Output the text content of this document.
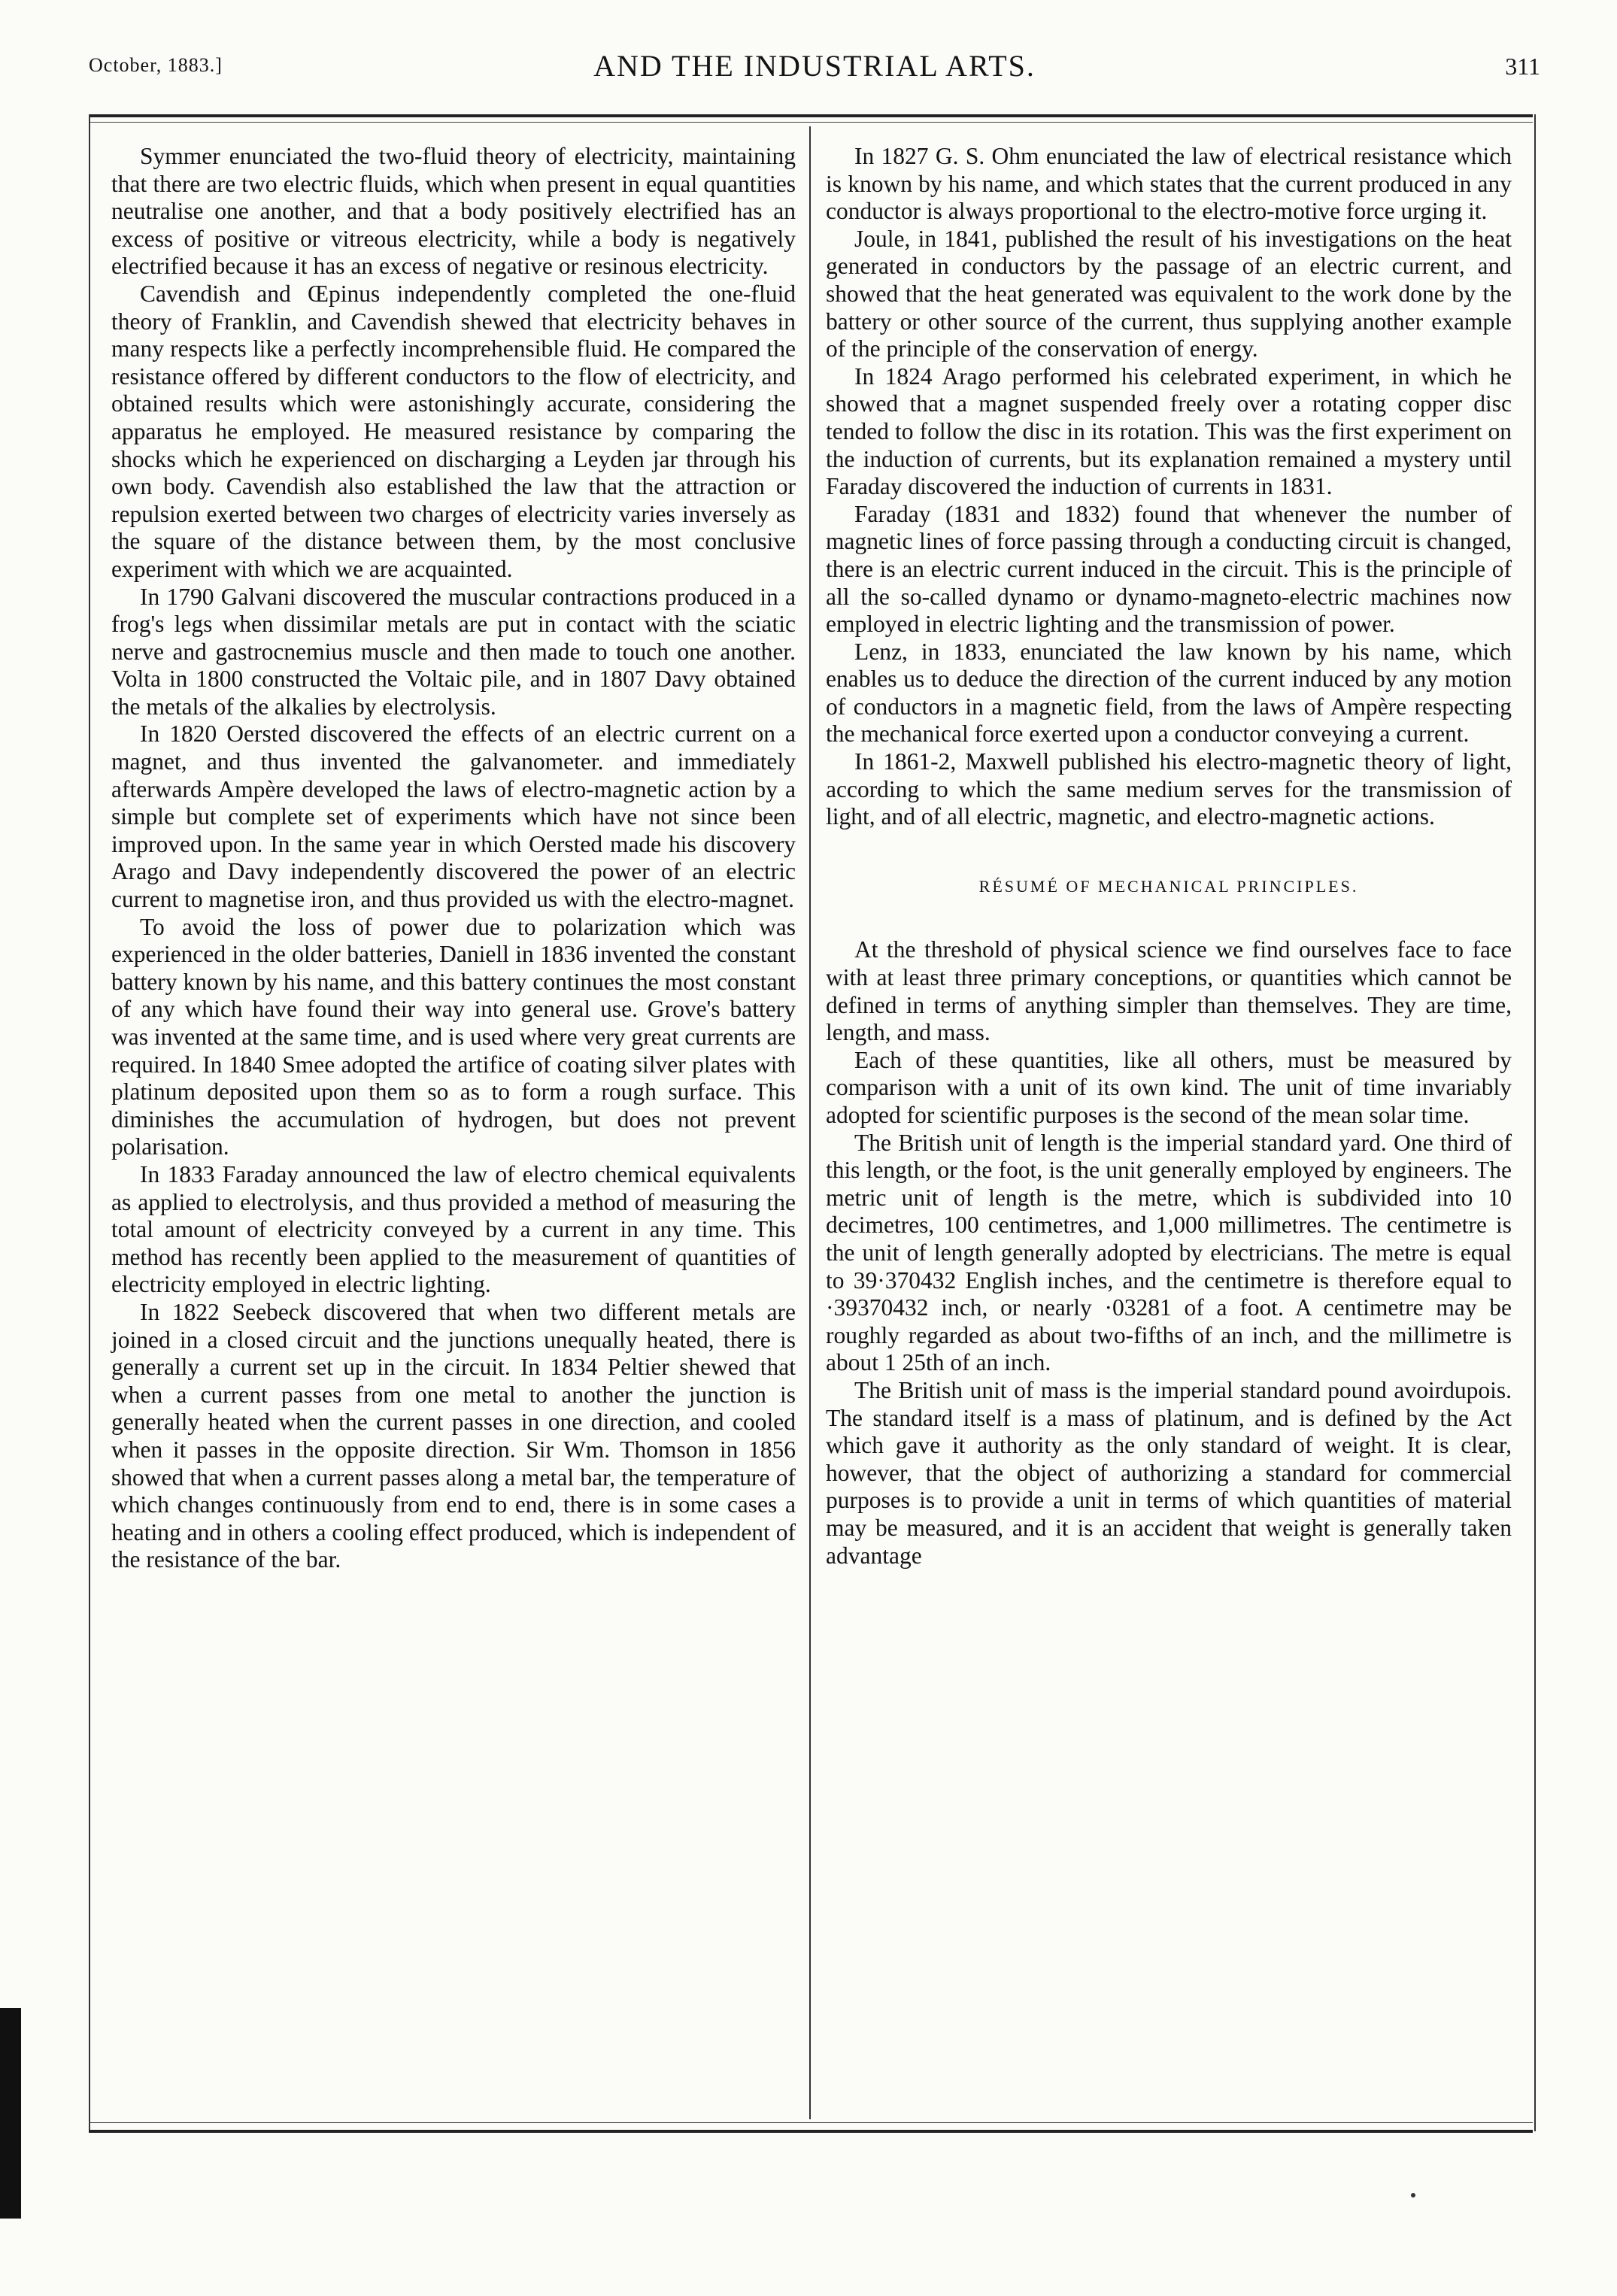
October, 1883.]	AND THE INDUSTRIAL ARTS.	311

Symmer enunciated the two-fluid theory of electricity, maintaining that there are two electric fluids, which when present in equal quantities neutralise one another, and that a body positively electrified has an excess of positive or vitreous electricity, while a body is negatively electrified because it has an excess of negative or resinous electricity.

Cavendish and Œpinus independently completed the one-fluid theory of Franklin, and Cavendish shewed that electricity behaves in many respects like a perfectly incomprehensible fluid. He compared the resistance offered by different conductors to the flow of electricity, and obtained results which were astonishingly accurate, considering the apparatus he employed. He measured resistance by comparing the shocks which he experienced on discharging a Leyden jar through his own body. Cavendish also established the law that the attraction or repulsion exerted between two charges of electricity varies inversely as the square of the distance between them, by the most conclusive experiment with which we are acquainted.

In 1790 Galvani discovered the muscular contractions produced in a frog's legs when dissimilar metals are put in contact with the sciatic nerve and gastrocnemius muscle and then made to touch one another. Volta in 1800 constructed the Voltaic pile, and in 1807 Davy obtained the metals of the alkalies by electrolysis.

In 1820 Oersted discovered the effects of an electric current on a magnet, and thus invented the galvanometer. and immediately afterwards Ampère developed the laws of electro-magnetic action by a simple but complete set of experiments which have not since been improved upon. In the same year in which Oersted made his discovery Arago and Davy independently discovered the power of an electric current to magnetise iron, and thus provided us with the electro-magnet.

To avoid the loss of power due to polarization which was experienced in the older batteries, Daniell in 1836 invented the constant battery known by his name, and this battery continues the most constant of any which have found their way into general use. Grove's battery was invented at the same time, and is used where very great currents are required. In 1840 Smee adopted the artifice of coating silver plates with platinum deposited upon them so as to form a rough surface. This diminishes the accumulation of hydrogen, but does not prevent polarisation.

In 1833 Faraday announced the law of electro chemical equivalents as applied to electrolysis, and thus provided a method of measuring the total amount of electricity conveyed by a current in any time. This method has recently been applied to the measurement of quantities of electricity employed in electric lighting.

In 1822 Seebeck discovered that when two different metals are joined in a closed circuit and the junctions unequally heated, there is generally a current set up in the circuit. In 1834 Peltier shewed that when a current passes from one metal to another the junction is generally heated when the current passes in one direction, and cooled when it passes in the opposite direction. Sir Wm. Thomson in 1856 showed that when a current passes along a metal bar, the temperature of which changes continuously from end to end, there is in some cases a heating and in others a cooling effect produced, which is independent of the resistance of the bar.

In 1827 G. S. Ohm enunciated the law of electrical resistance which is known by his name, and which states that the current produced in any conductor is always proportional to the electro-motive force urging it.

Joule, in 1841, published the result of his investigations on the heat generated in conductors by the passage of an electric current, and showed that the heat generated was equivalent to the work done by the battery or other source of the current, thus supplying another example of the principle of the conservation of energy.

In 1824 Arago performed his celebrated experiment, in which he showed that a magnet suspended freely over a rotating copper disc tended to follow the disc in its rotation. This was the first experiment on the induction of currents, but its explanation remained a mystery until Faraday discovered the induction of currents in 1831.

Faraday (1831 and 1832) found that whenever the number of magnetic lines of force passing through a conducting circuit is changed, there is an electric current induced in the circuit. This is the principle of all the so-called dynamo or dynamo-magneto-electric machines now employed in electric lighting and the transmission of power.

Lenz, in 1833, enunciated the law known by his name, which enables us to deduce the direction of the current induced by any motion of conductors in a magnetic field, from the laws of Ampère respecting the mechanical force exerted upon a conductor conveying a current.

In 1861-2, Maxwell published his electro-magnetic theory of light, according to which the same medium serves for the transmission of light, and of all electric, magnetic, and electro-magnetic actions.

RÉSUMÉ OF MECHANICAL PRINCIPLES.

At the threshold of physical science we find ourselves face to face with at least three primary conceptions, or quantities which cannot be defined in terms of anything simpler than themselves. They are time, length, and mass.

Each of these quantities, like all others, must be measured by comparison with a unit of its own kind. The unit of time invariably adopted for scientific purposes is the second of the mean solar time.

The British unit of length is the imperial standard yard. One third of this length, or the foot, is the unit generally employed by engineers. The metric unit of length is the metre, which is subdivided into 10 decimetres, 100 centimetres, and 1,000 millimetres. The centimetre is the unit of length generally adopted by electricians. The metre is equal to 39·370432 English inches, and the centimetre is therefore equal to ·39370432 inch, or nearly ·03281 of a foot. A centimetre may be roughly regarded as about two-fifths of an inch, and the millimetre is about 1 25th of an inch.

The British unit of mass is the imperial standard pound avoirdupois. The standard itself is a mass of platinum, and is defined by the Act which gave it authority as the only standard of weight. It is clear, however, that the object of authorizing a standard for commercial purposes is to provide a unit in terms of which quantities of material may be measured, and it is an accident that weight is generally taken advantage
